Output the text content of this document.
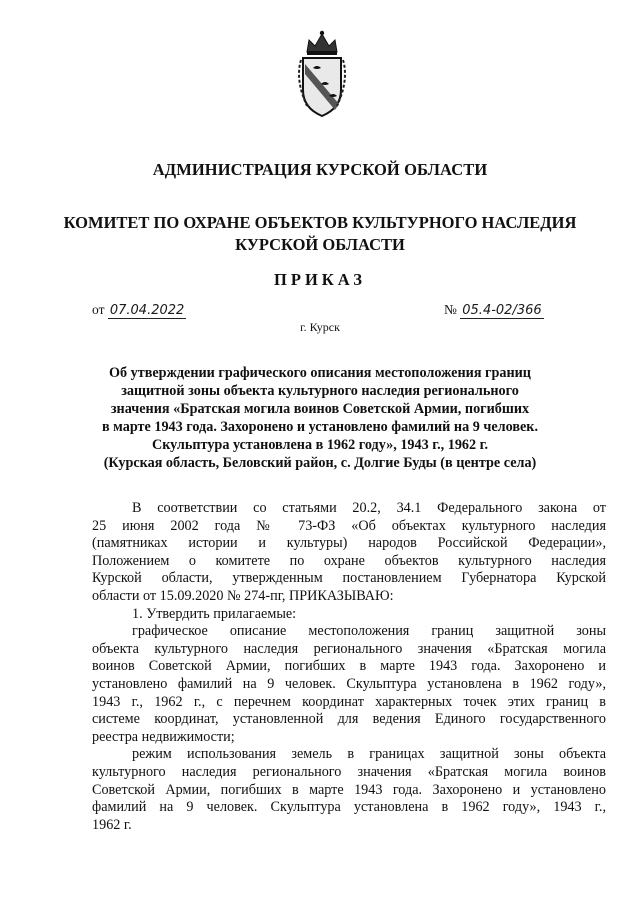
АДМИНИСТРАЦИЯ КУРСКОЙ ОБЛАСТИ
КОМИТЕТ ПО ОХРАНЕ ОБЪЕКТОВ КУЛЬТУРНОГО НАСЛЕДИЯ
КУРСКОЙ ОБЛАСТИ
ПРИКАЗ
от 07.04.2022	№ 05.4-02/366
г. Курск
Об утверждении графического описания местоположения границ
защитной зоны объекта культурного наследия регионального
значения «Братская могила воинов Советской Армии, погибших
в марте 1943 года. Захоронено и установлено фамилий на 9 человек.
Скульптура установлена в 1962 году», 1943 г., 1962 г.
(Курская область, Беловский район, с. Долгие Буды (в центре села)
В соответствии со статьями 20.2, 34.1 Федерального закона от
25 июня 2002 года № 73-ФЗ «Об объектах культурного наследия
(памятниках истории и культуры) народов Российской Федерации»,
Положением о комитете по охране объектов культурного наследия
Курской области, утвержденным постановлением Губернатора Курской
области от 15.09.2020 № 274-пг, ПРИКАЗЫВАЮ:
1. Утвердить прилагаемые:
графическое описание местоположения границ защитной зоны
объекта культурного наследия регионального значения «Братская могила
воинов Советской Армии, погибших в марте 1943 года. Захоронено и
установлено фамилий на 9 человек. Скульптура установлена в 1962 году»,
1943 г., 1962 г., с перечнем координат характерных точек этих границ в
системе координат, установленной для ведения Единого государственного
реестра недвижимости;
режим использования земель в границах защитной зоны объекта
культурного наследия регионального значения «Братская могила воинов
Советской Армии, погибших в марте 1943 года. Захоронено и установлено
фамилий на 9 человек. Скульптура установлена в 1962 году», 1943 г.,
1962 г.
